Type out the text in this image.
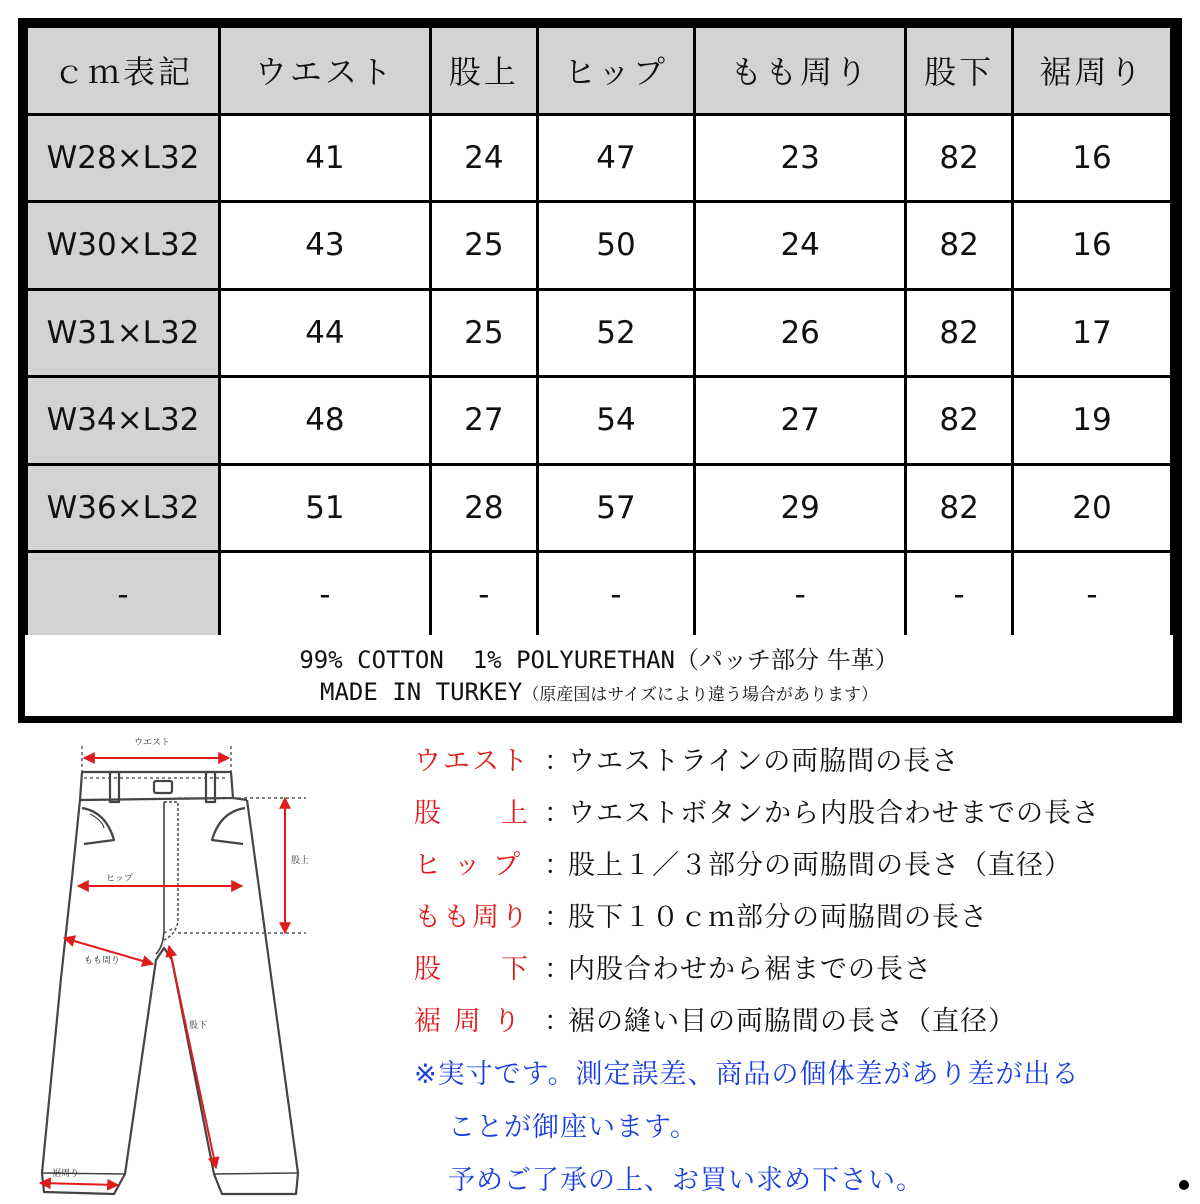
ｃｍ表記	ウエスト	股上	ヒップ	もも周り	股下	裾周り
W28×L32	41	24	47	23	82	16
W30×L32	43	25	50	24	82	16
W31×L32	44	25	52	26	82	17
W34×L32	48	27	54	27	82	19
W36×L32	51	28	57	29	82	20
-	-	-	-	-	-	-
99% COTTON  1% POLYURETHAN（パッチ部分 牛革）
MADE IN TURKEY（原産国はサイズにより違う場合があります）
ウエスト
股上
ヒップ
もも周り
股下
裾周り
ウエスト ：
ウエストラインの両脇間の長さ
股　　上 ：
ウエストボタンから内股合わせまでの長さ
ヒ ッ プ ：
股上１／３部分の両脇間の長さ（直径）
もも周り ：
股下１０ｃｍ部分の両脇間の長さ
股　　下 ：
内股合わせから裾までの長さ
裾 周 り ：
裾の縫い目の両脇間の長さ（直径）
※実寸です。測定誤差、商品の個体差があり差が出る
ことが御座います。
予めご了承の上、お買い求め下さい。
